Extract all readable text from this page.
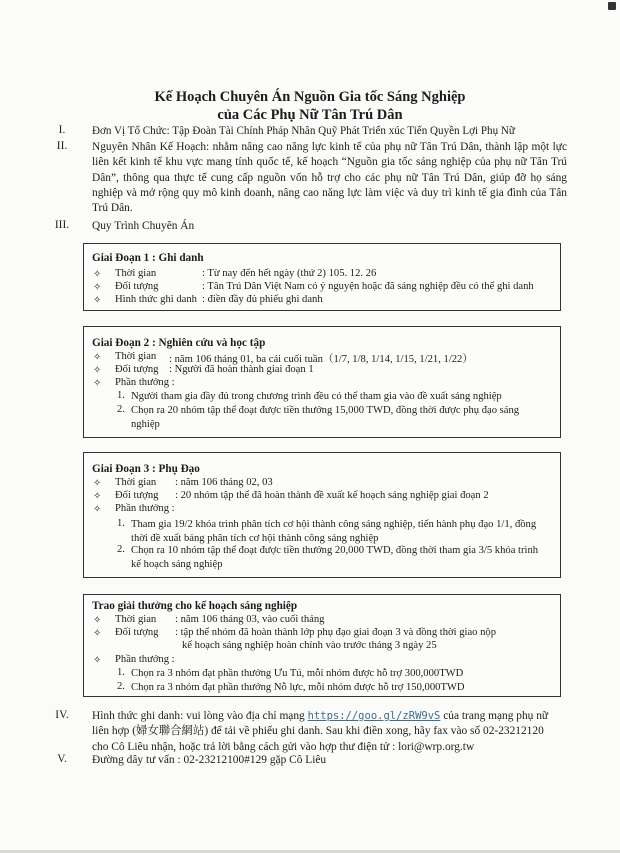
Kế Hoạch Chuyên Án Nguồn Gia tốc Sáng Nghiệp
của Các Phụ Nữ Tân Trú Dân
I.	Đơn Vị Tổ Chức: Tập Đoàn Tài Chính Pháp Nhân Quỹ Phát Triển xúc Tiến Quyền Lợi Phụ Nữ
II.	Nguyên Nhân Kế Hoạch: nhằm nâng cao năng lực kinh tế của phụ nữ Tân Trú Dân, thành lập một lực liên kết kinh tế khu vực mang tính quốc tế, kế hoạch “Nguồn gia tốc sáng nghiệp của phụ nữ Tân Trú Dân”, thông qua thực tế cung cấp nguồn vốn hỗ trợ cho các phụ nữ Tân Trú Dân, giúp đỡ họ sáng nghiệp và mở rộng quy mô kinh doanh, nâng cao năng lực làm việc và duy trì kinh tế gia đình của Tân Trú Dân.
III.	Quy Trình Chuyên Án
Giai Đoạn 1 : Ghi danh
✧ Thời gian	: Từ nay đến hết ngày (thứ 2) 105. 12. 26
✧ Đối tượng	: Tân Trú Dân Việt Nam có ý nguyện hoặc đã sáng nghiệp đều có thể ghi danh
✧ Hình thức ghi danh : điền đầy đủ phiếu ghi danh
Giai Đoạn 2 : Nghiên cứu và học tập
✧ Thời gian : năm 106 tháng 01, ba cái cuối tuần（1/7, 1/8, 1/14, 1/15, 1/21, 1/22）
✧ Đối tượng : Người đã hoàn thành giai đoạn 1
✧ Phần thưởng :
1. Người tham gia đầy đủ trong chương trình đều có thể tham gia vào đề xuất sáng nghiệp
2. Chọn ra 20 nhóm tập thể đoạt được tiền thưởng 15,000 TWD, đồng thời được phụ đạo sáng nghiệp
Giai Đoạn 3 : Phụ Đạo
✧ Thời gian : năm 106 tháng 02, 03
✧ Đối tượng : 20 nhóm tập thể đã hoàn thành đề xuất kế hoạch sáng nghiệp giai đoạn 2
✧ Phần thưởng :
1. Tham gia 19/2 khóa trình phân tích cơ hội thành công sáng nghiệp, tiến hành phụ đạo 1/1, đồng thời đề xuất bảng phân tích cơ hội thành công sáng nghiệp
2. Chọn ra 10 nhóm tập thể đoạt được tiền thưởng 20,000 TWD, đồng thời tham gia 3/5 khóa trình kế hoạch sáng nghiệp
Trao giải thưởng cho kế hoạch sáng nghiệp
✧ Thời gian : năm 106 tháng 03, vào cuối tháng
✧ Đối tượng : tập thể nhóm đã hoàn thành lớp phụ đạo giai đoạn 3 và đồng thời giao nộp
kế hoạch sáng nghiệp hoàn chỉnh vào trước tháng 3 ngày 25
✧ Phần thưởng :
1. Chọn ra 3 nhóm đạt phần thưởng Ưu Tú, mỗi nhóm được hỗ trợ 300,000TWD
2. Chọn ra 3 nhóm đạt phần thưởng Nỗ lực, mỗi nhóm được hỗ trợ 150,000TWD
IV.	Hình thức ghi danh: vui lòng vào địa chỉ mạng https://goo.gl/zRW9vS của trang mạng phụ nữ liên hợp (婦女聯合網站) để tải về phiếu ghi danh. Sau khi điền xong, hãy fax vào số 02-23212120 cho Cô Liêu nhận, hoặc trả lời bằng cách gửi vào hợp thư điện tử : lori@wrp.org.tw
V.	Đường dây tư vấn : 02-23212100#129 gặp Cô Liêu
